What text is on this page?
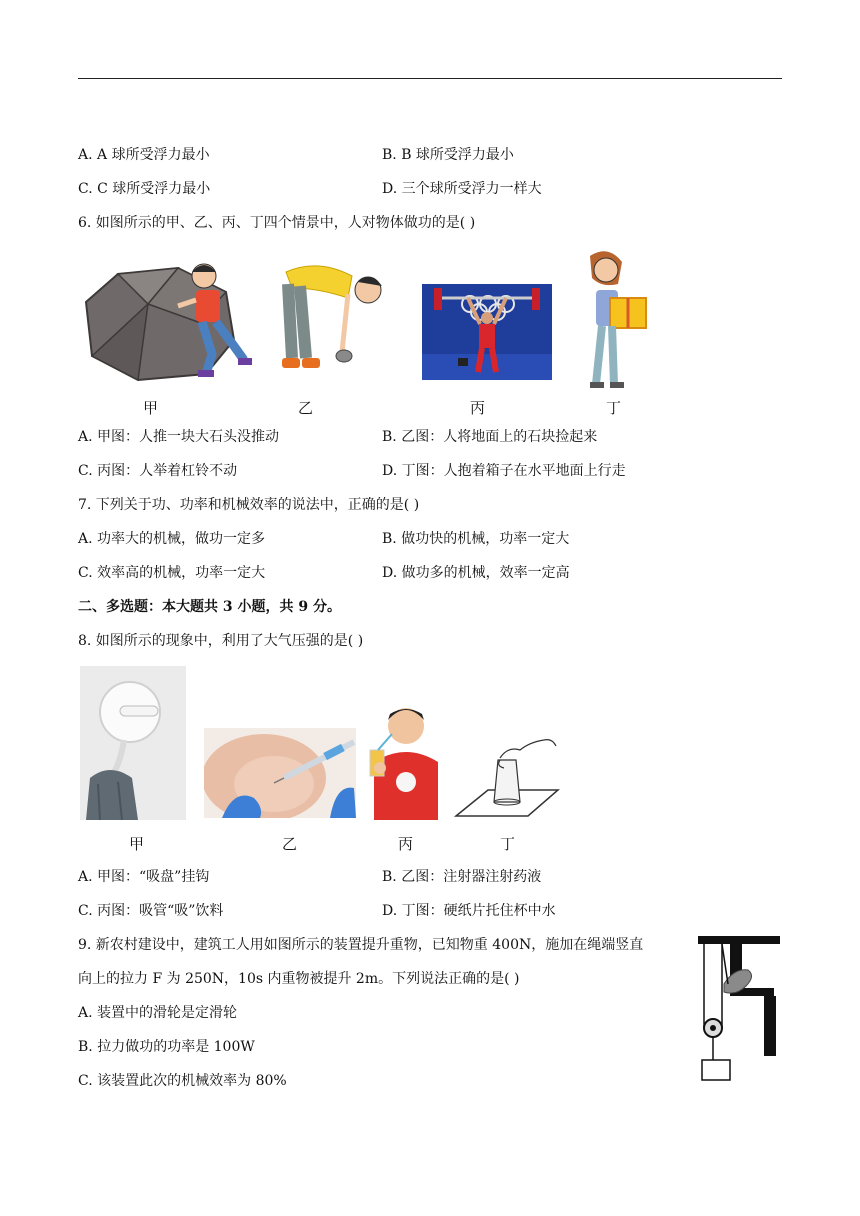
A. A 球所受浮力最小	B. B 球所受浮力最小
C. C 球所受浮力最小	D. 三个球所受浮力一样大
6. 如图所示的甲、乙、丙、丁四个情景中，人对物体做功的是( )
甲	乙	丙	丁
A. 甲图：人推一块大石头没推动	B. 乙图：人将地面上的石块捡起来
C. 丙图：人举着杠铃不动	D. 丁图：人抱着箱子在水平地面上行走
7. 下列关于功、功率和机械效率的说法中，正确的是( )
A. 功率大的机械，做功一定多	B. 做功快的机械，功率一定大
C. 效率高的机械，功率一定大	D. 做功多的机械，效率一定高
二、多选题：本大题共 3 小题，共 9 分。
8. 如图所示的现象中，利用了大气压强的是( )
甲	乙	丙	丁
A. 甲图：“吸盘”挂钩	B. 乙图：注射器注射药液
C. 丙图：吸管“吸”饮料	D. 丁图：硬纸片托住杯中水
9. 新农村建设中，建筑工人用如图所示的装置提升重物，已知物重 400N，施加在绳端竖直
向上的拉力 F 为 250N，10s 内重物被提升 2m。下列说法正确的是( )
A. 装置中的滑轮是定滑轮
B. 拉力做功的功率是 100W
C. 该装置此次的机械效率为 80%
